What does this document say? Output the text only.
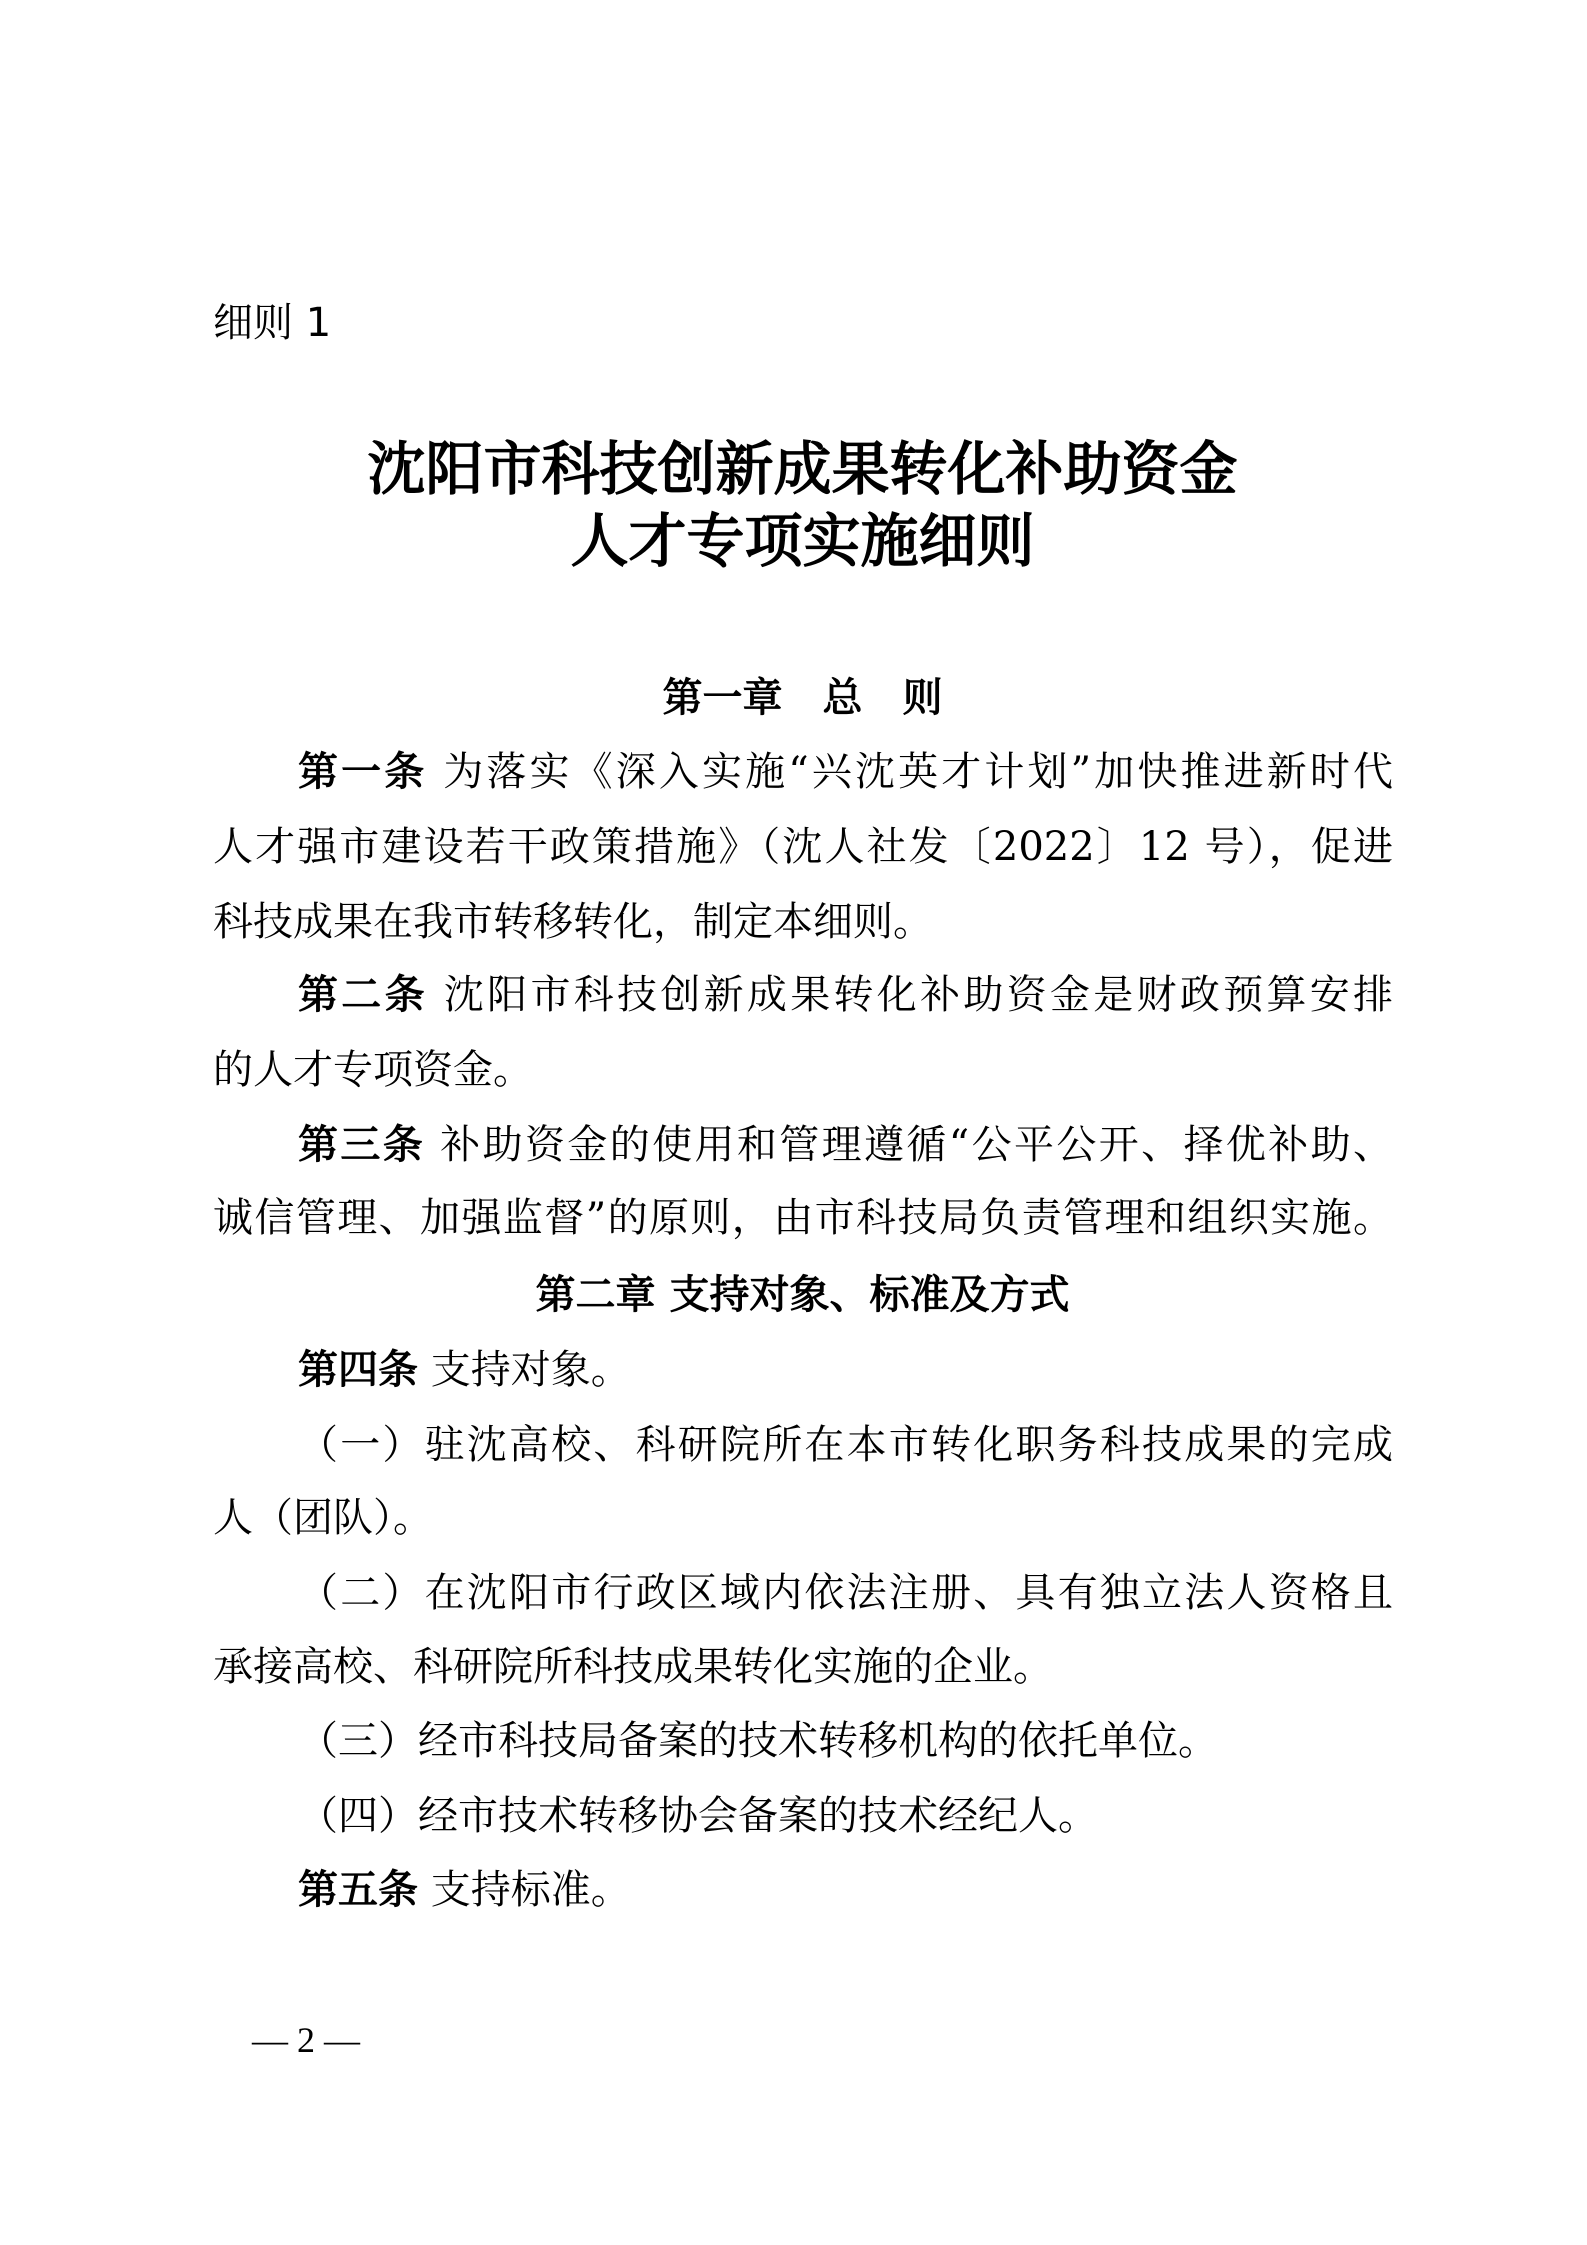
细则 1
沈阳市科技创新成果转化补助资金
人才专项实施细则
第一章　总　则
第一条 为落实《深入实施“兴沈英才计划”加快推进新时代
人才强市建设若干政策措施》（沈人社发〔2022〕12 号），促进
科技成果在我市转移转化，制定本细则。
第二条 沈阳市科技创新成果转化补助资金是财政预算安排
的人才专项资金。
第三条 补助资金的使用和管理遵循“公平公开、择优补助、
诚信管理、加强监督”的原则，由市科技局负责管理和组织实施。
第二章 支持对象、标准及方式
第四条 支持对象。
（一）驻沈高校、科研院所在本市转化职务科技成果的完成
人（团队）。
（二）在沈阳市行政区域内依法注册、具有独立法人资格且
承接高校、科研院所科技成果转化实施的企业。
（三）经市科技局备案的技术转移机构的依托单位。
（四）经市技术转移协会备案的技术经纪人。
第五条 支持标准。
— 2 —
